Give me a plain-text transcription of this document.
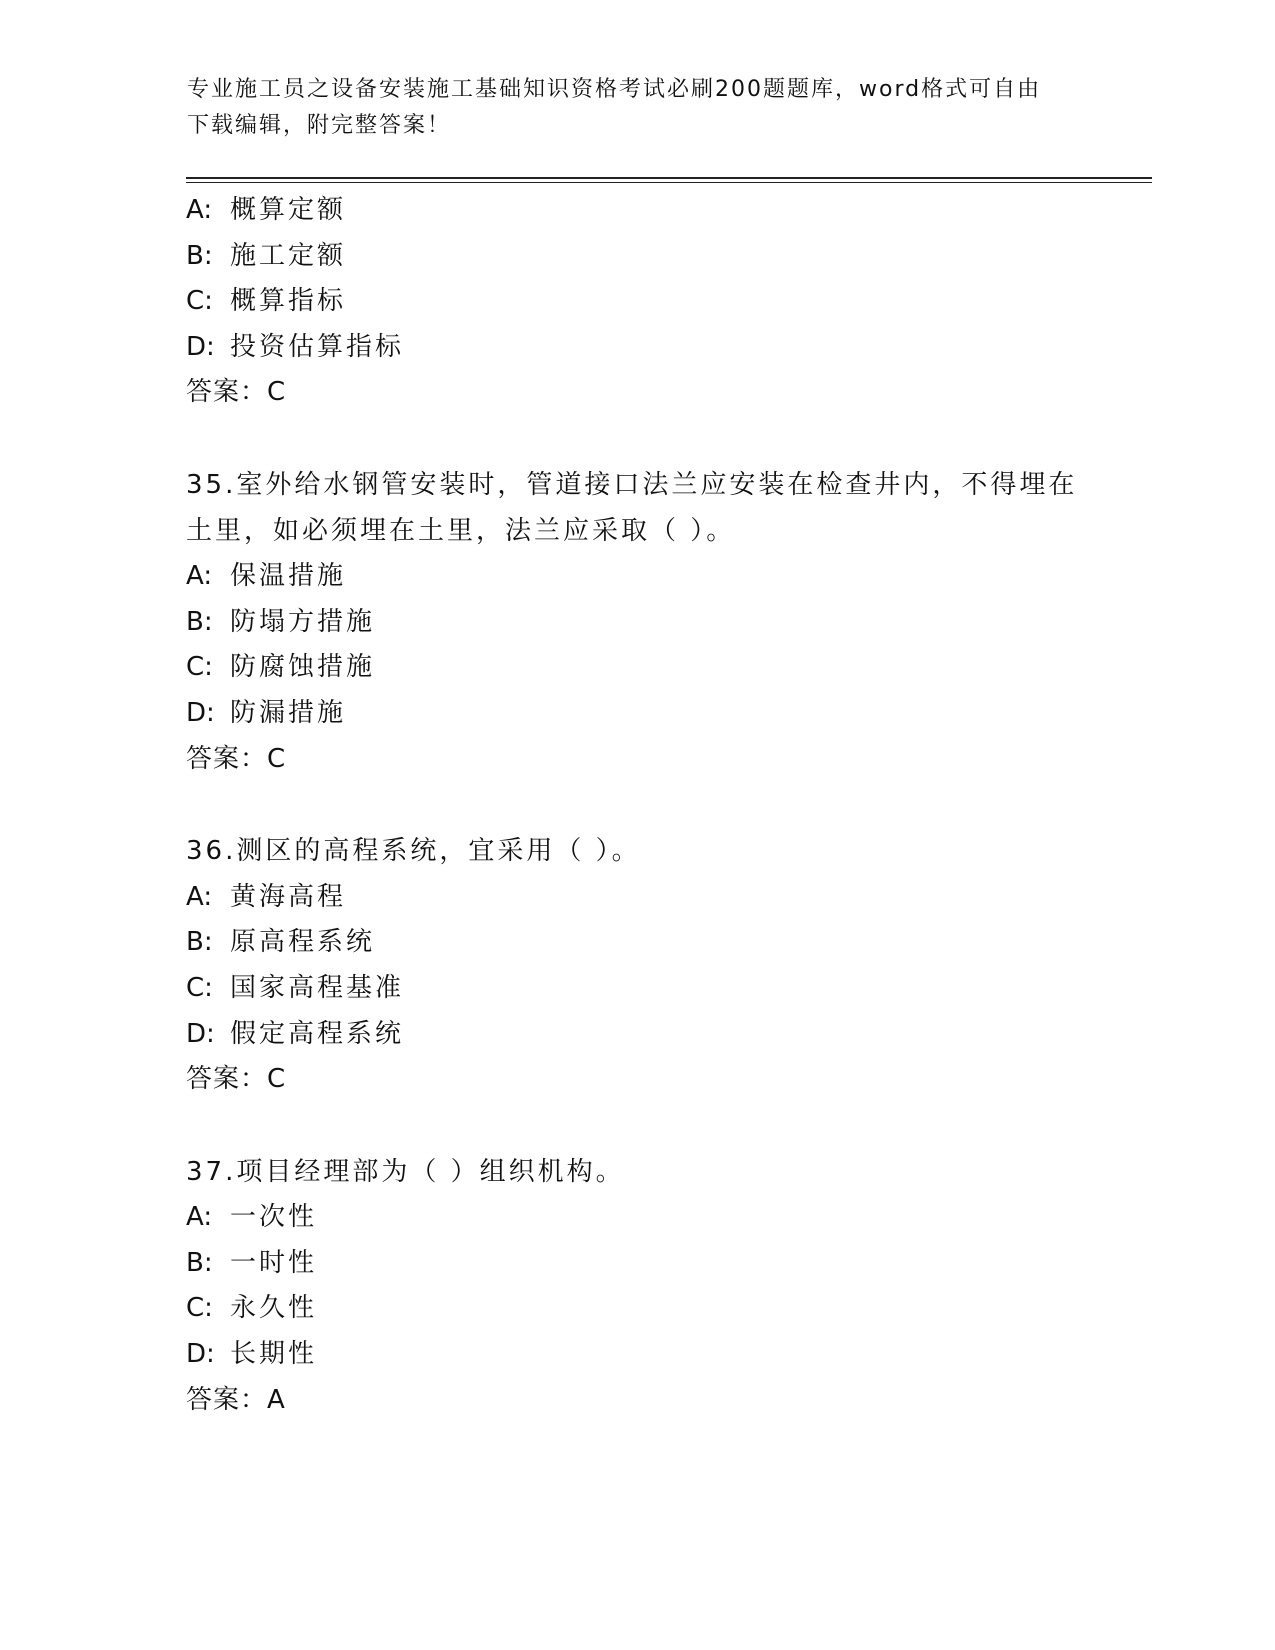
专业施工员之设备安装施工基础知识资格考试必刷200题题库，word格式可自由
下载编辑，附完整答案！
A: 概算定额
B: 施工定额
C: 概算指标
D: 投资估算指标
答案：C
35.室外给水钢管安装时，管道接口法兰应安装在检查井内，不得埋在
土里，如必须埋在土里，法兰应采取（ ）。
A: 保温措施
B: 防塌方措施
C: 防腐蚀措施
D: 防漏措施
答案：C
36.测区的高程系统，宜采用（ ）。
A: 黄海高程
B: 原高程系统
C: 国家高程基准
D: 假定高程系统
答案：C
37.项目经理部为（ ）组织机构。
A: 一次性
B: 一时性
C: 永久性
D: 长期性
答案：A
